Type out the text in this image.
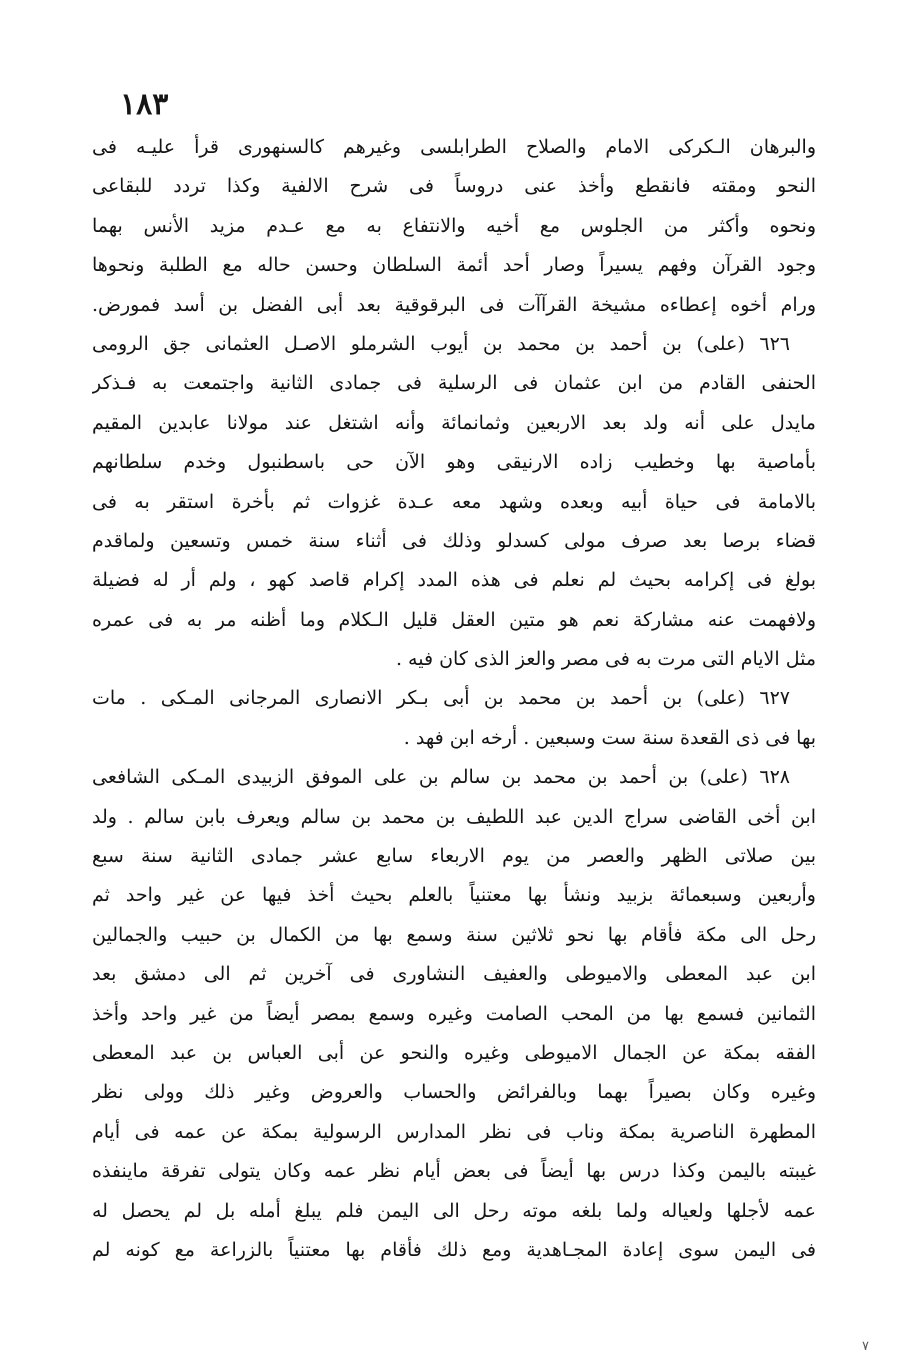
١٨٣
والبرهان الـكركى الامام والصلاح الطرابلسى وغيرهم كالسنهورى قرأ عليـه فى
النحو ومقته فانقطع وأخذ عنى دروساً فى شرح الالفية وكذا تردد للبقاعى
ونحوه وأكثر من الجلوس مع أخيه والانتفاع به مع عـدم مزيد الأنس بهما
وجود القرآن وفهم يسيراً وصار أحد أئمة السلطان وحسن حاله مع الطلبة ونحوها
ورام أخوه إعطاءه مشيخة القرآآت فى البرقوقية بعد أبى الفضل بن أسد فمورض.
٦٢٦ (على) بن أحمد بن محمد بن أيوب الشرملو الاصـل العثمانى جق الرومى
الحنفى القادم من ابن عثمان فى الرسلية فى جمادى الثانية واجتمعت به فـذكر
مايدل على أنه ولد بعد الاربعين وثمانمائة وأنه اشتغل عند مولانا عابدين المقيم
بأماصية بها وخطيب زاده الارنيقى وهو الآن حى باسطنبول وخدم سلطانهم
بالامامة فى حياة أبيه وبعده وشهد معه عـدة غزوات ثم بأخرة استقر به فى
قضاء برصا بعد صرف مولى كسدلو وذلك فى أثناء سنة خمس وتسعين ولماقدم
بولغ فى إكرامه بحيث لم نعلم فى هذه المدد إكرام قاصد كهو ، ولم أر له فضيلة
ولافهمت عنه مشاركة نعم هو متين العقل قليل الـكلام وما أظنه مر به فى عمره
مثل الايام التى مرت به فى مصر والعز الذى كان فيه .
٦٢٧ (على) بن أحمد بن محمد بن أبى بـكر الانصارى المرجانى المـكى . مات
بها فى ذى القعدة سنة ست وسبعين . أرخه ابن فهد .
٦٢٨ (على) بن أحمد بن محمد بن سالم بن على الموفق الزبيدى المـكى الشافعى
ابن أخى القاضى سراج الدين عبد اللطيف بن محمد بن سالم ويعرف بابن سالم . ولد
بين صلاتى الظهر والعصر من يوم الاربعاء سابع عشر جمادى الثانية سنة سبع
وأربعين وسبعمائة بزبيد ونشأ بها معتنياً بالعلم بحيث أخذ فيها عن غير واحد ثم
رحل الى مكة فأقام بها نحو ثلاثين سنة وسمع بها من الكمال بن حبيب والجمالين
ابن عبد المعطى والاميوطى والعفيف النشاورى فى آخرين ثم الى دمشق بعد
الثمانين فسمع بها من المحب الصامت وغيره وسمع بمصر أيضاً من غير واحد وأخذ
الفقه بمكة عن الجمال الاميوطى وغيره والنحو عن أبى العباس بن عبد المعطى
وغيره وكان بصيراً بهما وبالفرائض والحساب والعروض وغير ذلك وولى نظر
المطهرة الناصرية بمكة وناب فى نظر المدارس الرسولية بمكة عن عمه فى أيام
غيبته باليمن وكذا درس بها أيضاً فى بعض أيام نظر عمه وكان يتولى تفرقة ماينفذه
عمه لأجلها ولعياله ولما بلغه موته رحل الى اليمن فلم يبلغ أمله بل لم يحصل له
فى اليمن سوى إعادة المجـاهدية ومع ذلك فأقام بها معتنياً بالزراعة مع كونه لم
٧
